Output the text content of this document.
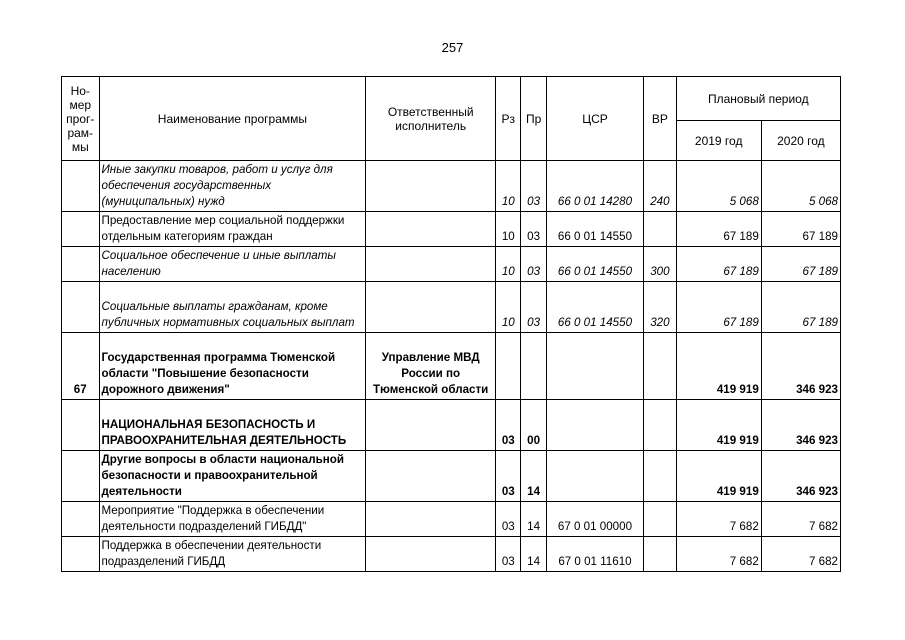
257
Но-
мер
прог-
рам-
мы	Наименование программы	Ответственный исполнитель	Рз	Пр	ЦСР	ВР	Плановый период	
							2019 год	2020 год
	Иные закупки товаров, работ и услуг для обеспечения государственных (муниципальных) нужд		10	03	66 0 01 14280	240	5 068	5 068
	Предоставление мер социальной поддержки отдельным категориям граждан		10	03	66 0 01 14550		67 189	67 189
	Социальное обеспечение и иные выплаты населению		10	03	66 0 01 14550	300	67 189	67 189
	Социальные выплаты гражданам, кроме публичных нормативных социальных выплат		10	03	66 0 01 14550	320	67 189	67 189
67	Государственная программа Тюменской области "Повышение безопасности дорожного движения"	Управление МВД России по Тюменской области					419 919	346 923
	НАЦИОНАЛЬНАЯ БЕЗОПАСНОСТЬ И ПРАВООХРАНИТЕЛЬНАЯ ДЕЯТЕЛЬНОСТЬ		03	00			419 919	346 923
	Другие вопросы в области национальной безопасности и правоохранительной деятельности		03	14			419 919	346 923
	Мероприятие "Поддержка в обеспечении деятельности подразделений ГИБДД"		03	14	67 0 01 00000		7 682	7 682
	Поддержка в обеспечении деятельности подразделений ГИБДД		03	14	67 0 01 11610		7 682	7 682
